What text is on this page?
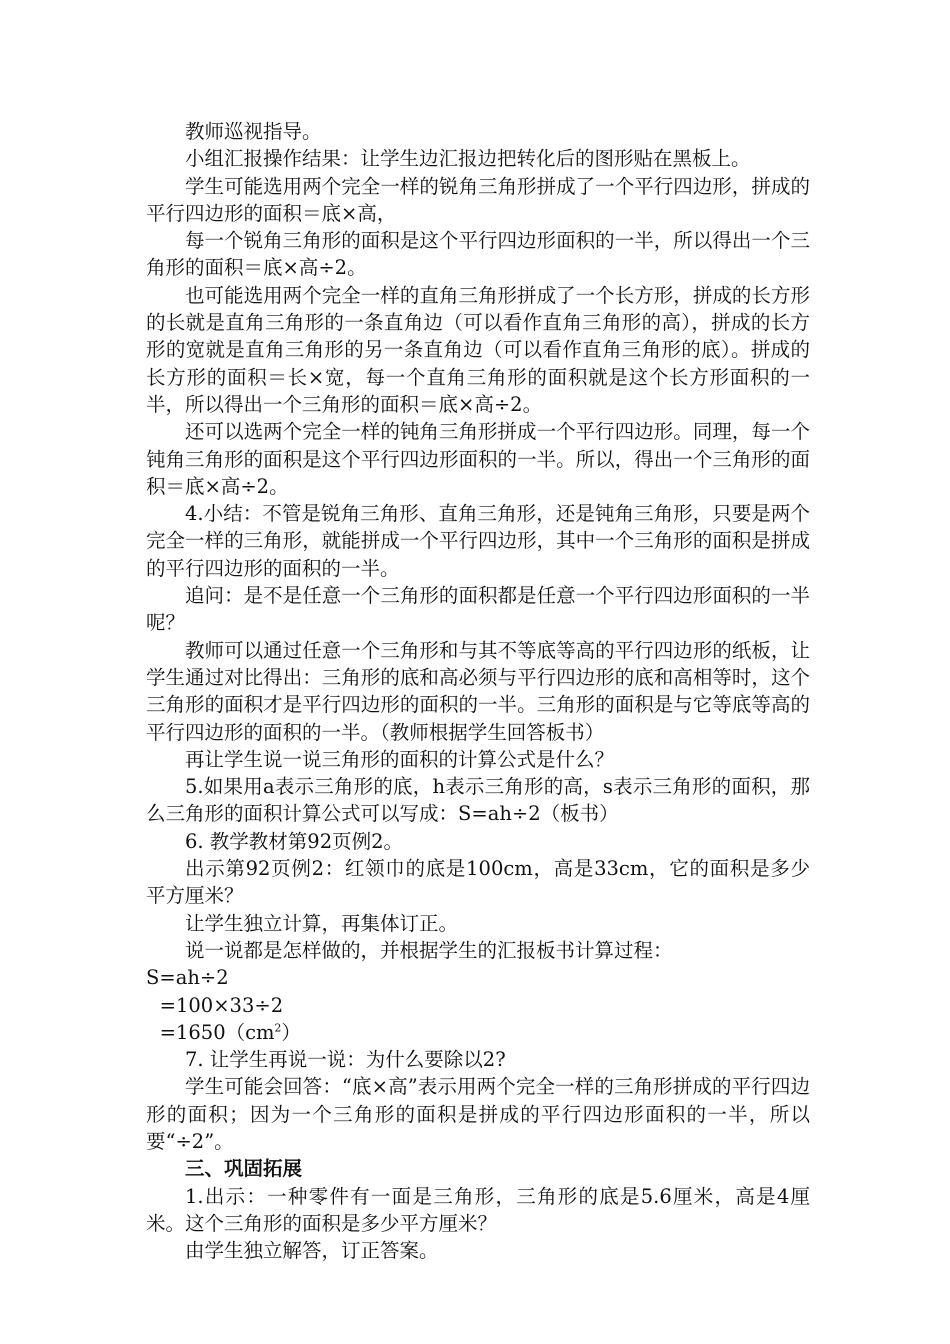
教师巡视指导。

小组汇报操作结果：让学生边汇报边把转化后的图形贴在黑板上。

学生可能选用两个完全一样的锐角三角形拼成了一个平行四边形，拼成的平行四边形的面积＝底×高，

每一个锐角三角形的面积是这个平行四边形面积的一半，所以得出一个三角形的面积＝底×高÷2。

也可能选用两个完全一样的直角三角形拼成了一个长方形，拼成的长方形的长就是直角三角形的一条直角边（可以看作直角三角形的高），拼成的长方形的宽就是直角三角形的另一条直角边（可以看作直角三角形的底）。拼成的长方形的面积＝长×宽，每一个直角三角形的面积就是这个长方形面积的一半，所以得出一个三角形的面积＝底×高÷2。

还可以选两个完全一样的钝角三角形拼成一个平行四边形。同理，每一个钝角三角形的面积是这个平行四边形面积的一半。所以，得出一个三角形的面积＝底×高÷2。

4.小结：不管是锐角三角形、直角三角形，还是钝角三角形，只要是两个完全一样的三角形，就能拼成一个平行四边形，其中一个三角形的面积是拼成的平行四边形的面积的一半。

追问：是不是任意一个三角形的面积都是任意一个平行四边形面积的一半呢？

教师可以通过任意一个三角形和与其不等底等高的平行四边形的纸板，让学生通过对比得出：三角形的底和高必须与平行四边形的底和高相等时，这个三角形的面积才是平行四边形的面积的一半。三角形的面积是与它等底等高的平行四边形的面积的一半。（教师根据学生回答板书）

再让学生说一说三角形的面积的计算公式是什么？

5.如果用a表示三角形的底，h表示三角形的高，s表示三角形的面积，那么三角形的面积计算公式可以写成：S=ah÷2（板书）

6. 教学教材第92页例2。

出示第92页例2：红领巾的底是100cm，高是33cm，它的面积是多少平方厘米？

让学生独立计算，再集体订正。

说一说都是怎样做的，并根据学生的汇报板书计算过程：

S=ah÷2

=100×33÷2

$=1650(cm^2)$

7. 让学生再说一说：为什么要除以2?

学生可能会回答：“底×高”表示用两个完全一样的三角形拼成的平行四边形的面积；因为一个三角形的面积是拼成的平行四边形面积的一半，所以要“÷2”。

三、巩固拓展

1.出示：一种零件有一面是三角形，三角形的底是5.6厘米，高是4厘米。这个三角形的面积是多少平方厘米？

由学生独立解答，订正答案。
